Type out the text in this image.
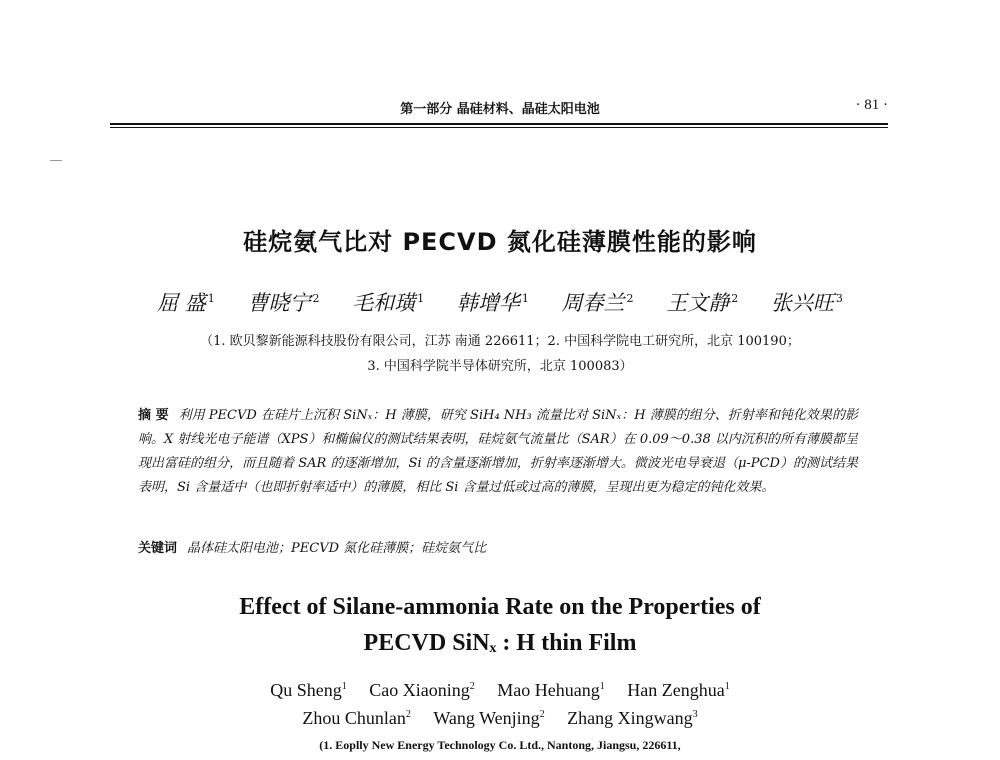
第一部分 晶硅材料、晶硅太阳电池	· 81 ·
硅烷氨气比对 PECVD 氮化硅薄膜性能的影响
屈 盛 $^1$ 曹晓宁 $^2$ 毛和璜 $^1$ 韩增华 $^1$ 周春兰 $^2$ 王文静 $^2$ 张兴旺 $^3$
（1. 欧贝黎新能源科技股份有限公司，江苏 南通 226611；2. 中国科学院电工研究所，北京 100190；
3. 中国科学院半导体研究所，北京 100083）
摘 要 利用 PECVD 在硅片上沉积 SiNₓ：H 薄膜，研究 SiH₄ NH₃ 流量比对 SiNₓ：H 薄膜的组分、折射率和钝化效果的影响。X 射线光电子能谱（XPS）和椭偏仪的测试结果表明，硅烷氨气流量比（SAR）在 0.09～0.38 以内沉积的所有薄膜都呈现出富硅的组分，而且随着 SAR 的逐渐增加，Si 的含量逐渐增加，折射率逐渐增大。微波光电导衰退（μ-PCD）的测试结果表明，Si 含量适中（也即折射率适中）的薄膜，相比 Si 含量过低或过高的薄膜，呈现出更为稳定的钝化效果。
关键词 晶体硅太阳电池；PECVD 氮化硅薄膜；硅烷氨气比
Effect of Silane-ammonia Rate on the Properties of
PECVD SiNₓ : H thin Film
Qu Sheng$^1$ Cao Xiaoning$^2$ Mao Hehuang$^1$ Han Zenghua$^1$
Zhou Chunlan$^2$ Wang Wenjing$^2$ Zhang Xingwang$^3$
(1. Eoplly New Energy Technology Co. Ltd., Nantong, Jiangsu, 226611,
